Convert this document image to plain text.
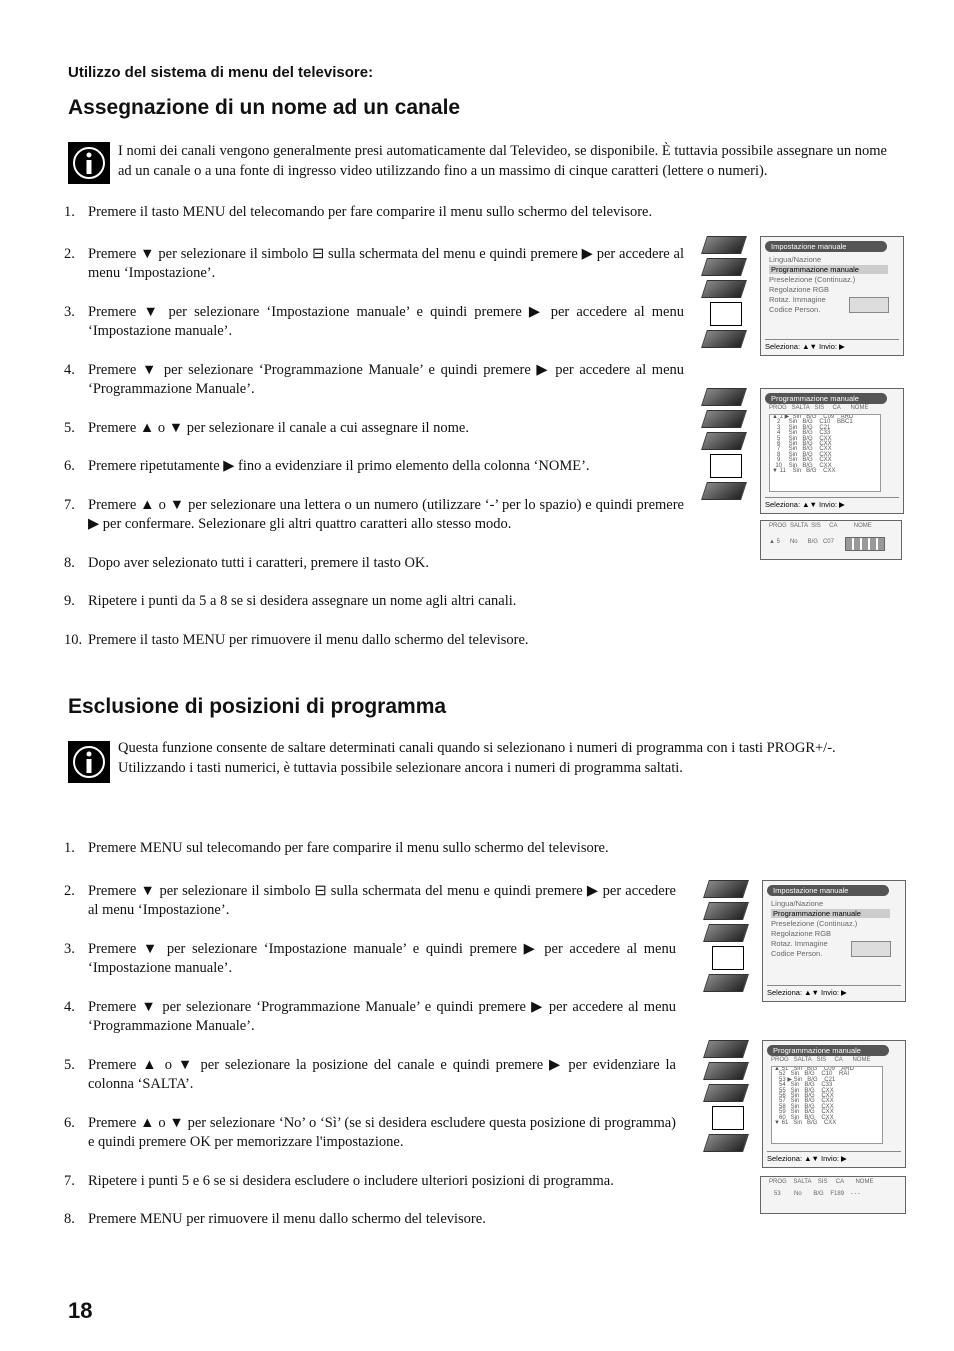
Utilizzo del sistema di menu del televisore:
Assegnazione di un nome ad un canale
I nomi dei canali vengono generalmente presi automaticamente dal Televideo, se disponibile. È tuttavia possibile assegnare un nome ad un canale o a una fonte di ingresso video utilizzando fino a un massimo di cinque caratteri (lettere o numeri).
1. Premere il tasto MENU del telecomando per fare comparire il menu sullo schermo del televisore.
2. Premere ▼ per selezionare il simbolo ⊟ sulla schermata del menu e quindi premere ▶ per accedere al menu ‘Impostazione’.
3. Premere ▼ per selezionare ‘Impostazione manuale’ e quindi premere ▶ per accedere al menu ‘Impostazione manuale’.
4. Premere ▼ per selezionare ‘Programmazione Manuale’ e quindi premere ▶ per accedere al menu ‘Programmazione Manuale’.
5. Premere ▲ o ▼ per selezionare il canale a cui assegnare il nome.
6. Premere ripetutamente ▶ fino a evidenziare il primo elemento della colonna ‘NOME’.
7. Premere ▲ o ▼ per selezionare una lettera o un numero (utilizzare ‘-’ per lo spazio) e quindi premere ▶ per confermare. Selezionare gli altri quattro caratteri allo stesso modo.
8. Dopo aver selezionato tutti i caratteri, premere il tasto OK.
9. Ripetere i punti da 5 a 8 se si desidera assegnare un nome agli altri canali.
10. Premere il tasto MENU per rimuovere il menu dallo schermo del televisore.
Impostazione manuale
Lingua/Nazione
Programmazione manuale
Preselezione (Continuaz.)
Regolazione RGB
Rotaz. Immagine
Codice Person.
Seleziona: ▲▼ Invio: ▶
Programmazione manuale
PROG   SALTA   SIS     CA      NOME
▲ 1 ▶  Sin   B/G    C09    ARD
2     Sin   B/G    C10    BBC1
3     Sin   B/G    C21
4     Sin   B/G    C33
5     Sin   B/G    CXX
6     Sin   B/G    CXX
7     Sin   B/G    CXX
8     Sin   B/G    CXX
9     Sin   B/G    CXX
10    Sin   B/G    CXX
▼ 11    Sin   B/G    CXX
Seleziona: ▲▼ Invio: ▶

PROG  SALTA  SIS     CA          NOME

▲ 5      No      B/G   C07

Esclusione di posizioni di programma
Questa funzione consente de saltare determinati canali quando si selezionano i numeri di programma con i tasti PROGR+/-. Utilizzando i tasti numerici, è tuttavia possibile selezionare ancora i numeri di programma saltati.
1. Premere MENU sul telecomando per fare comparire il menu sullo schermo del televisore.
2. Premere ▼ per selezionare il simbolo ⊟ sulla schermata del menu e quindi premere ▶ per accedere al menu ‘Impostazione’.
3. Premere ▼ per selezionare ‘Impostazione manuale’ e quindi premere ▶ per accedere al menu ‘Impostazione manuale’.
4. Premere ▼ per selezionare ‘Programmazione Manuale’ e quindi premere ▶ per accedere al menu ‘Programmazione Manuale’.
5. Premere ▲ o ▼ per selezionare la posizione del canale e quindi premere ▶ per evidenziare la colonna ‘SALTA’.
6. Premere ▲ o ▼ per selezionare ‘No’ o ‘Sì’ (se si desidera escludere questa posizione di programma) e quindi premere OK per memorizzare l'impostazione.
7. Ripetere i punti 5 e 6 se si desidera escludere o includere ulteriori posizioni di programma.
8. Premere MENU per rimuovere il menu dallo schermo del televisore.
Impostazione manuale
Lingua/Nazione
Programmazione manuale
Preselezione (Continuaz.)
Regolazione RGB
Rotaz. Immagine
Codice Person.
Seleziona: ▲▼ Invio: ▶
Programmazione manuale
PROG   SALTA   SIS     CA      NOME
▲ 51   Sin   B/G    C09    ARD
52   Sin   B/G    C10    RAI
53 ▶ Sin   B/G    C21
54   Sin   B/G    C33
55   Sin   B/G    CXX
56   Sin   B/G    CXX
57   Sin   B/G    CXX
58   Sin   B/G    CXX
59   Sin   B/G    CXX
60   Sin   B/G    CXX
▼ 61   Sin   B/G    CXX
Seleziona: ▲▼ Invio: ▶

PROG    SALTA    SIS     CA       NOME

53        No       B/G    F189    - - -

18
